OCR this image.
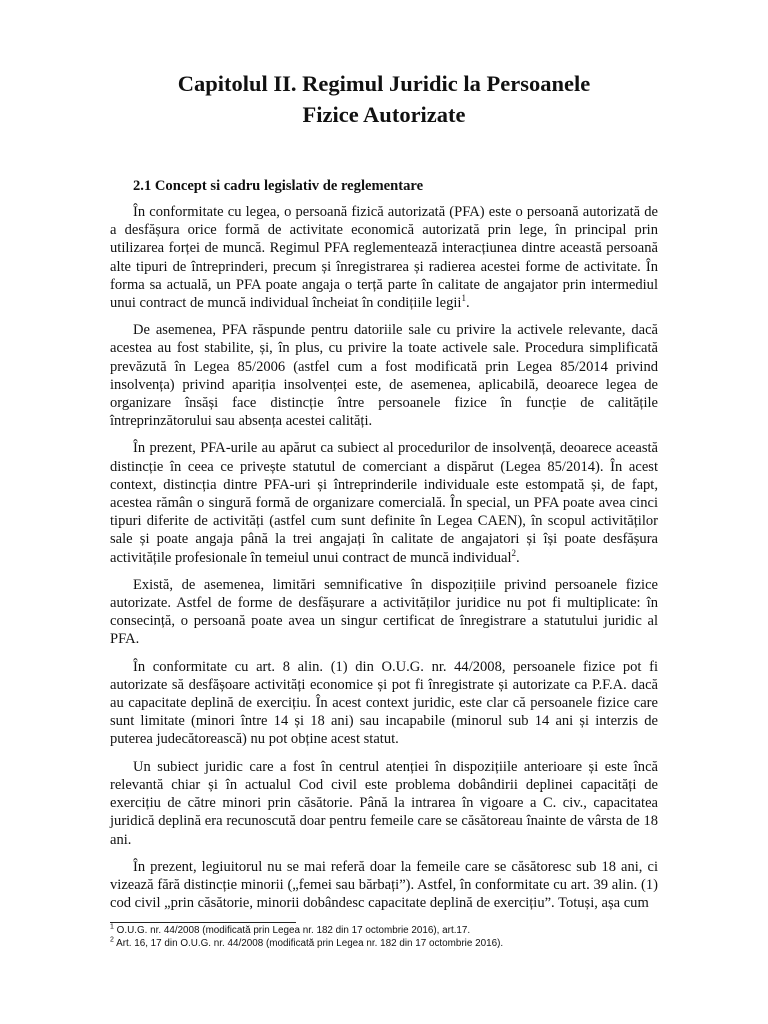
Capitolul II. Regimul Juridic la Persoanele
Fizice Autorizate
2.1 Concept si cadru legislativ de reglementare

În conformitate cu legea, o persoană fizică autorizată (PFA) este o persoană autorizată de a desfășura orice formă de activitate economică autorizată prin lege, în principal prin utilizarea forței de muncă. Regimul PFA reglementează interacțiunea dintre această persoană alte tipuri de întreprinderi, precum și înregistrarea și radierea acestei forme de activitate. În forma sa actuală, un PFA poate angaja o terță parte în calitate de angajator prin intermediul unui contract de muncă individual încheiat în condițiile legii$^1$.

De asemenea, PFA răspunde pentru datoriile sale cu privire la activele relevante, dacă acestea au fost stabilite, și, în plus, cu privire la toate activele sale. Procedura simplificată prevăzută în Legea 85/2006 (astfel cum a fost modificată prin Legea 85/2014 privind insolvența) privind apariția insolvenței este, de asemenea, aplicabilă, deoarece legea de organizare însăși face distincție între persoanele fizice în funcție de calitățile întreprinzătorului sau absența acestei calități.

În prezent, PFA-urile au apărut ca subiect al procedurilor de insolvență, deoarece această distincție în ceea ce privește statutul de comerciant a dispărut (Legea 85/2014). În acest context, distincția dintre PFA-uri și întreprinderile individuale este estompată și, de fapt, acestea rămân o singură formă de organizare comercială. În special, un PFA poate avea cinci tipuri diferite de activități (astfel cum sunt definite în Legea CAEN), în scopul activităților sale și poate angaja până la trei angajați în calitate de angajatori și își poate desfășura activitățile profesionale în temeiul unui contract de muncă individual$^2$.

Există, de asemenea, limitări semnificative în dispozițiile privind persoanele fizice autorizate. Astfel de forme de desfășurare a activităților juridice nu pot fi multiplicate: în consecință, o persoană poate avea un singur certificat de înregistrare a statutului juridic al PFA.

În conformitate cu art. 8 alin. (1) din O.U.G. nr. 44/2008, persoanele fizice pot fi autorizate să desfășoare activități economice și pot fi înregistrate și autorizate ca P.F.A. dacă au capacitate deplină de exercițiu. În acest context juridic, este clar că persoanele fizice care sunt limitate (minori între 14 și 18 ani) sau incapabile (minorul sub 14 ani și interzis de puterea judecătorească) nu pot obține acest statut.

Un subiect juridic care a fost în centrul atenției în dispozițiile anterioare și este încă relevantă chiar și în actualul Cod civil este problema dobândirii deplinei capacități de exercițiu de către minori prin căsătorie. Până la intrarea în vigoare a C. civ., capacitatea juridică deplină era recunoscută doar pentru femeile care se căsătoreau înainte de vârsta de 18 ani.

În prezent, legiuitorul nu se mai referă doar la femeile care se căsătoresc sub 18 ani, ci vizează fără distincție minorii („femei sau bărbați”). Astfel, în conformitate cu art. 39 alin. (1) cod civil „prin căsătorie, minorii dobândesc capacitate deplină de exercițiu”. Totuși, așa cum

$^1$ O.U.G. nr. 44/2008 (modificată prin Legea nr. 182 din 17 octombrie 2016), art.17.

$^2$ Art. 16, 17 din O.U.G. nr. 44/2008 (modificată prin Legea nr. 182 din 17 octombrie 2016).
